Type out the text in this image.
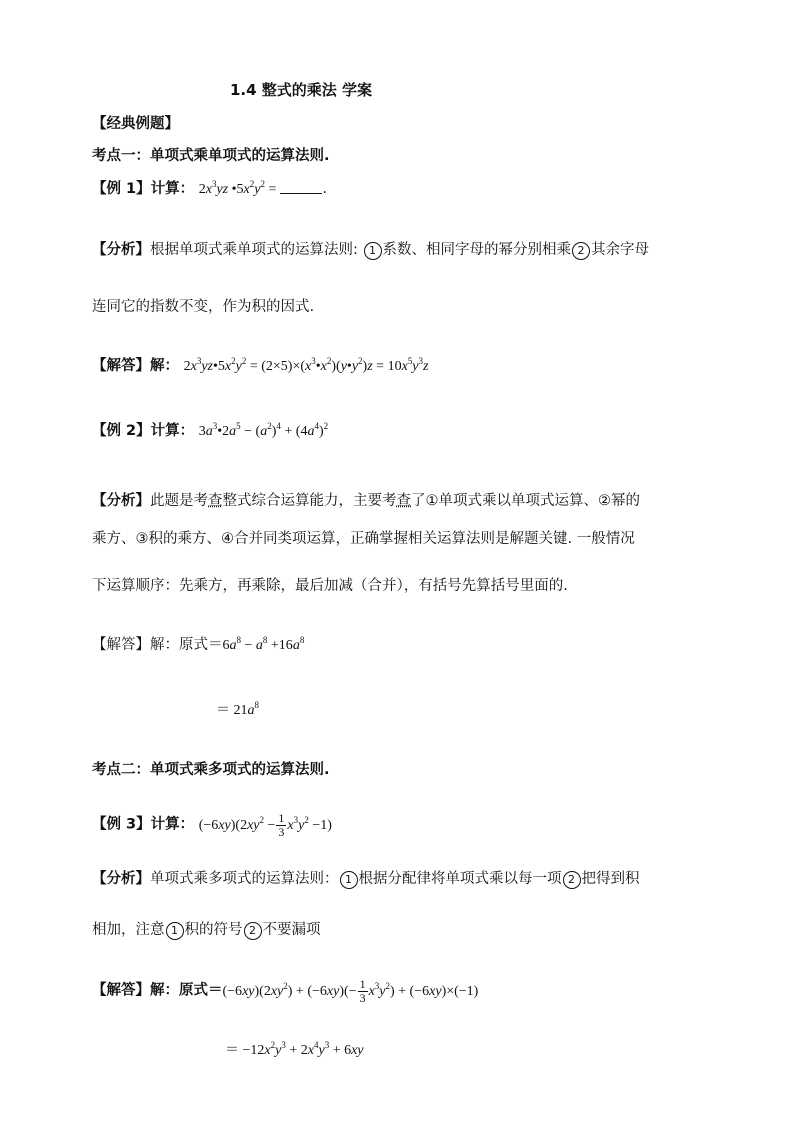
1.4 整式的乘法 学案
【经典例题】
考点一：单项式乘单项式的运算法则.
【例 1】计算： $2x^3yz$ $•5x^2y^2$ =	.
【分析】根据单项式乘单项式的运算法则: 1 系数、相同字母的幂分别相乘 2 其余字母
连同它的指数不变，作为积的因式.
【解答】解： $2x^3yz•5x^2y^2$ = $(2\times 5)\times(x^3•x^2)(y•y^2)z = 10x^5y^3z$
【例 2】计算： $3a^3•2a^5 - (a^2)^4 + (4a^4)^2$
【分析】此题是考查整式综合运算能力，主要考查了①单项式乘以单项式运算、②幂的
乘方、③积的乘方、④合并同类项运算，正确掌握相关运算法则是解题关键. 一般情况
下运算顺序：先乘方，再乘除，最后加减（合并），有括号先算括号里面的.
【解答】解：原式$=6a^8 - a^8 +16a^8$
＝ $21a^8$
考点二：单项式乘多项式的运算法则.
【例 3】计算： $(-6xy)(2xy^2 - \frac{1}{3} x^3y^2 -1)$
【分析】单项式乘多项式的运算法则： 1 根据分配律将单项式乘以每一项 2 把得到积
相加，注意 1 积的符号 2 不要漏项
【解答】解：原式$=(-6xy)(2xy^2) + (-6xy)(- \frac{1}{3} x^3y^2) + (-6xy)\times(-1)$
＝ $-12x^2y^3 + 2x^4y^3 + 6xy$
